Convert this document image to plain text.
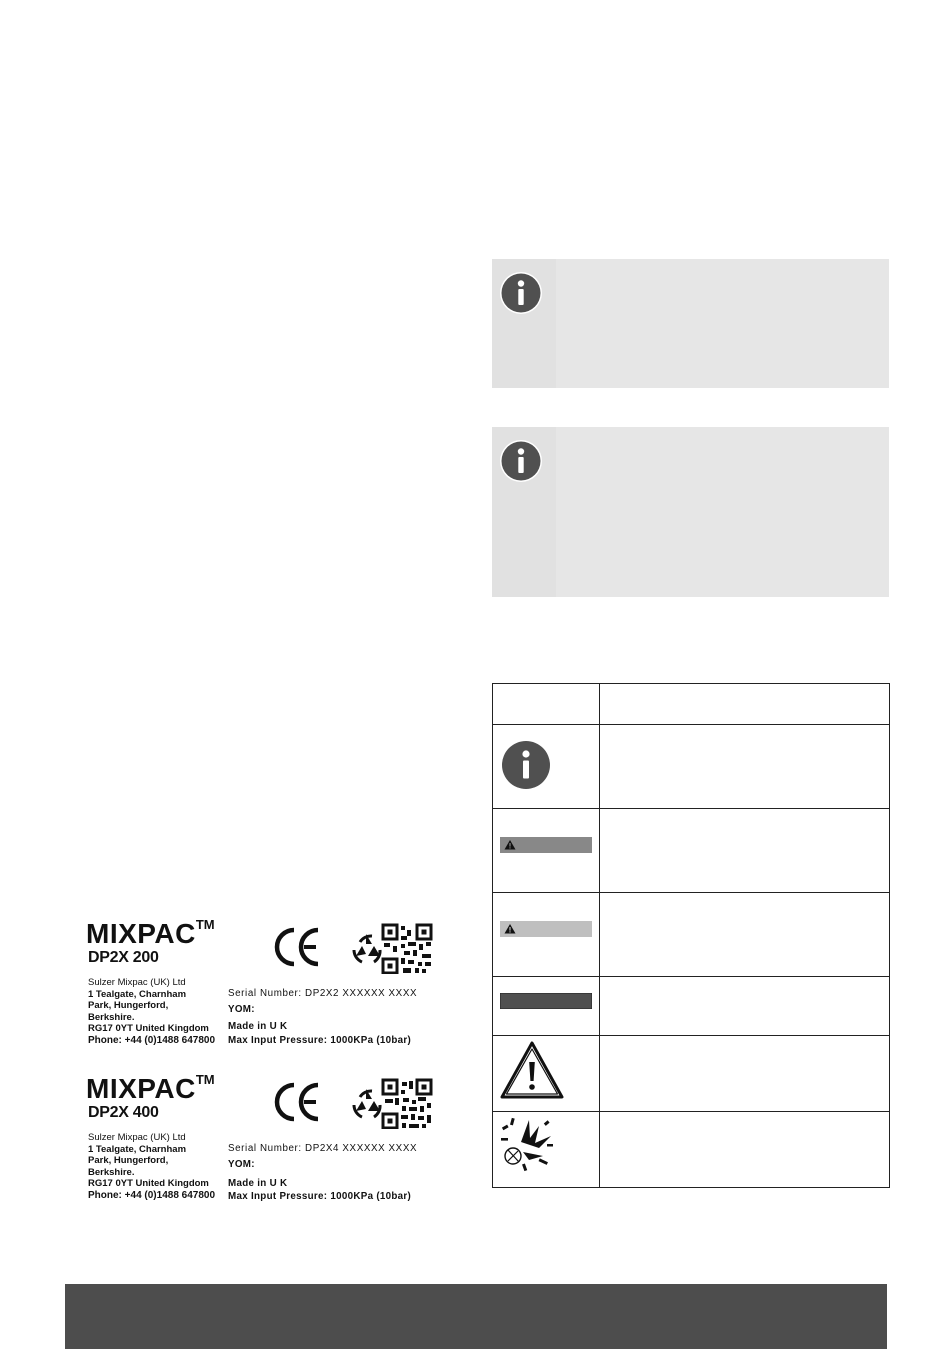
MIXPAC™
DP2X 200
Sulzer Mixpac (UK) Ltd
1 Tealgate, Charnham
Park, Hungerford,
Berkshire.
RG17 0YT United Kingdom
Phone: +44 (0)1488 647800
Serial Number: DP2X2 XXXXXX XXXX
YOM:
Made in U K
Max Input Pressure: 1000KPa (10bar)
MIXPAC™
DP2X 400
Sulzer Mixpac (UK) Ltd
1 Tealgate, Charnham
Park, Hungerford,
Berkshire.
RG17 0YT United Kingdom
Phone: +44 (0)1488 647800
Serial Number: DP2X4 XXXXXX XXXX
YOM:
Made in U K
Max Input Pressure: 1000KPa (10bar)
